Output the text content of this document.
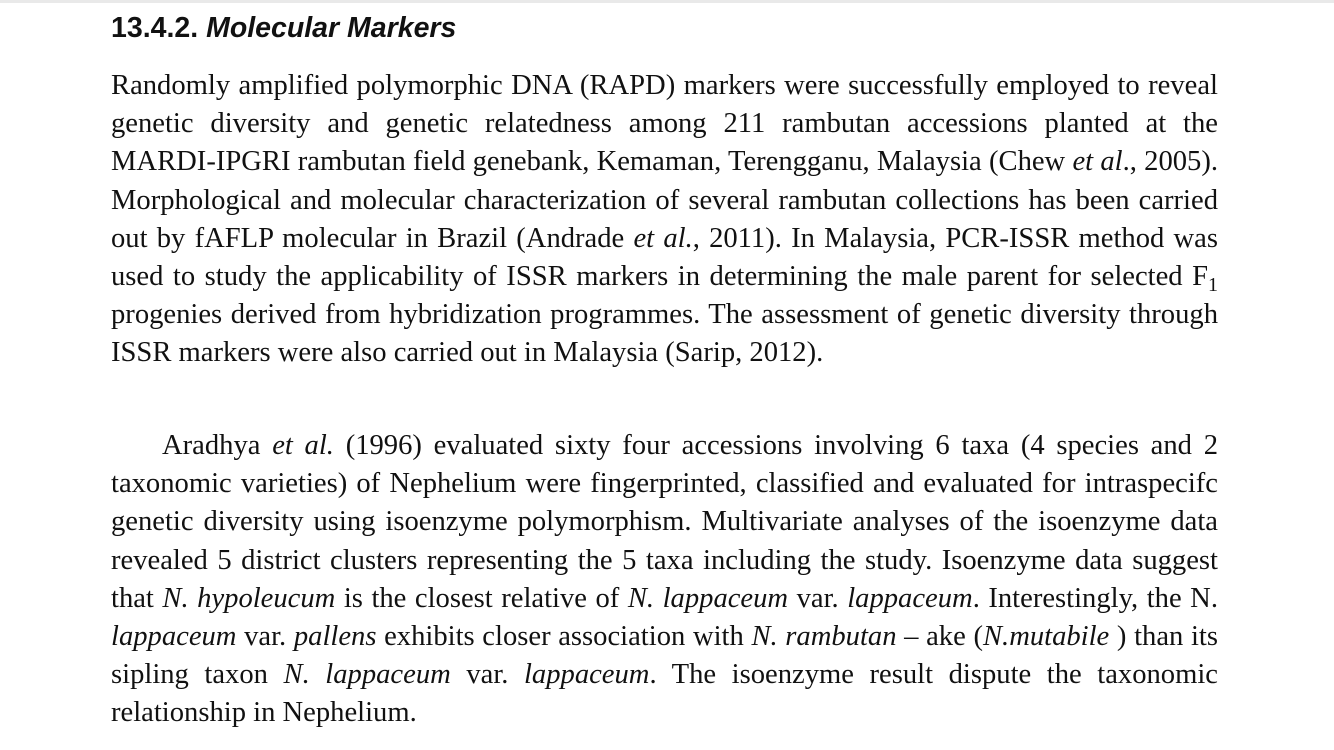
13.4.2. Molecular Markers

Randomly amplified polymorphic DNA (RAPD) markers were successfully employed to reveal genetic diversity and genetic relatedness among 211 rambutan accessions planted at the MARDI-IPGRI rambutan field genebank, Kemaman, Terengganu, Malaysia (Chew et al., 2005). Morphological and molecular characterization of several rambutan collections has been carried out by fAFLP molecular in Brazil (Andrade et al., 2011). In Malaysia, PCR-ISSR method was used to study the applicability of ISSR markers in determining the male parent for selected $F_1$ progenies derived from hybridization programmes. The assessment of genetic diversity through ISSR markers were also carried out in Malaysia (Sarip, 2012).

Aradhya et al. (1996) evaluated sixty four accessions involving 6 taxa (4 species and 2 taxonomic varieties) of Nephelium were fingerprinted, classified and evaluated for intraspecifc genetic diversity using isoenzyme polymorphism. Multivariate analyses of the isoenzyme data revealed 5 district clusters representing the 5 taxa including the study. Isoenzyme data suggest that N. hypoleucum is the closest relative of N. lappaceum var. lappaceum. Interestingly, the N. lappaceum var. pallens exhibits closer association with N. rambutan – ake (N.mutabile ) than its sipling taxon N. lappaceum var. lappaceum. The isoenzyme result dispute the taxonomic relationship in Nephelium.
